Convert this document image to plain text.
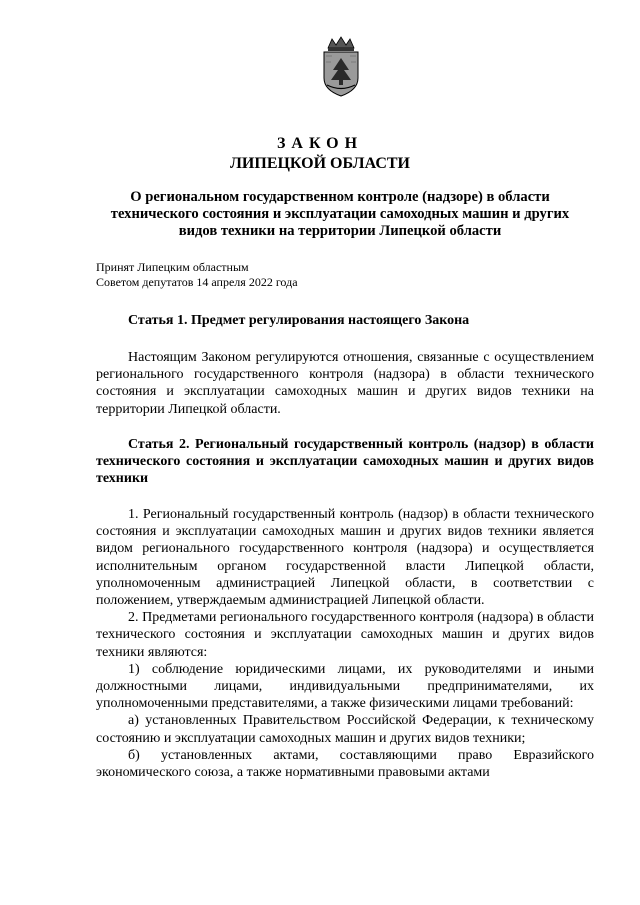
ЗАКОН
ЛИПЕЦКОЙ ОБЛАСТИ
О региональном государственном контроле (надзоре) в области технического состояния и эксплуатации самоходных машин и других видов техники на территории Липецкой области
Принят Липецким областным
Советом депутатов 14 апреля 2022 года
Статья 1. Предмет регулирования настоящего Закона
Настоящим Законом регулируются отношения, связанные с осуществлением регионального государственного контроля (надзора) в области технического состояния и эксплуатации самоходных машин и других видов техники на территории Липецкой области.
Статья 2. Региональный государственный контроль (надзор) в области технического состояния и эксплуатации самоходных машин и других видов техники

1. Региональный государственный контроль (надзор) в области технического состояния и эксплуатации самоходных машин и других видов техники является видом регионального государственного контроля (надзора) и осуществляется исполнительным органом государственной власти Липецкой области, уполномоченным администрацией Липецкой области, в соответствии с положением, утверждаемым администрацией Липецкой области.

2. Предметами регионального государственного контроля (надзора) в области технического состояния и эксплуатации самоходных машин и других видов техники являются:

1) соблюдение юридическими лицами, их руководителями и иными должностными лицами, индивидуальными предпринимателями, их уполномоченными представителями, а также физическими лицами требований:

а) установленных Правительством Российской Федерации, к техническому состоянию и эксплуатации самоходных машин и других видов техники;

б) установленных актами, составляющими право Евразийского экономического союза, а также нормативными правовыми актами
